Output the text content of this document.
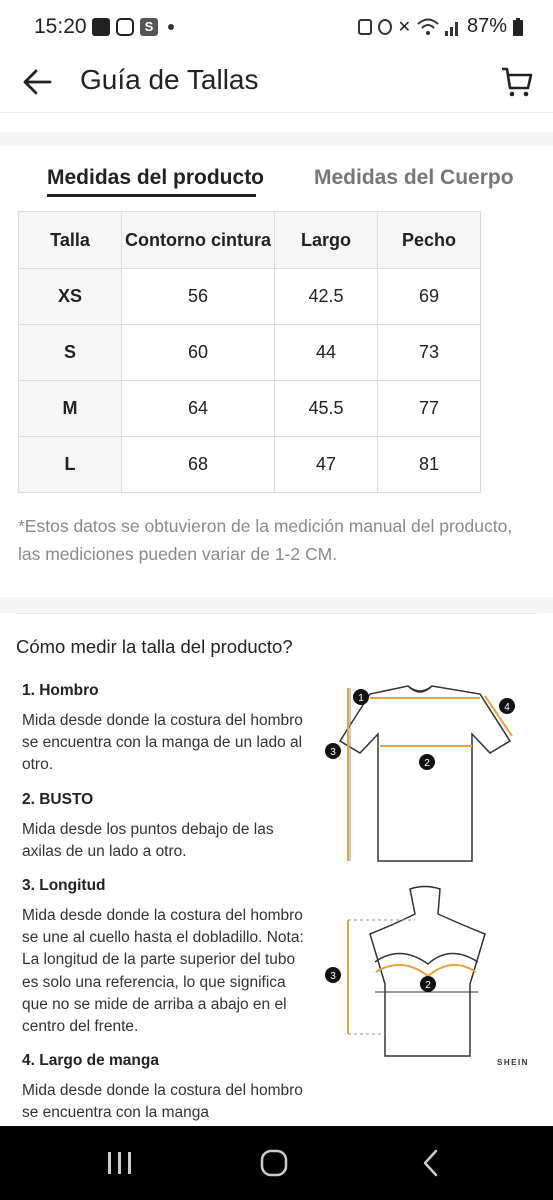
15:20	S	✕	87%
Guía de Tallas
Medidas del producto Medidas del Cuerpo
Talla	Contorno cintura	Largo	Pecho
XS	56	42.5	69
S	60	44	73
M	64	45.5	77
L	68	47	81
*Estos datos se obtuvieron de la medición manual del producto, las mediciones pueden variar de 1-2 CM.
Cómo medir la talla del producto?
1. Hombro
Mida desde donde la costura del hombro se encuentra con la manga de un lado al otro.
2. BUSTO
Mida desde los puntos debajo de las axilas de un lado a otro.
3. Longitud
Mida desde donde la costura del hombro se une al cuello hasta el dobladillo. Nota: La longitud de la parte superior del tubo es solo una referencia, lo que significa que no se mide de arriba a abajo en el centro del frente.
4. Largo de manga
Mida desde donde la costura del hombro se encuentra con la manga
1
2
3
4
3
2
SHEIN
